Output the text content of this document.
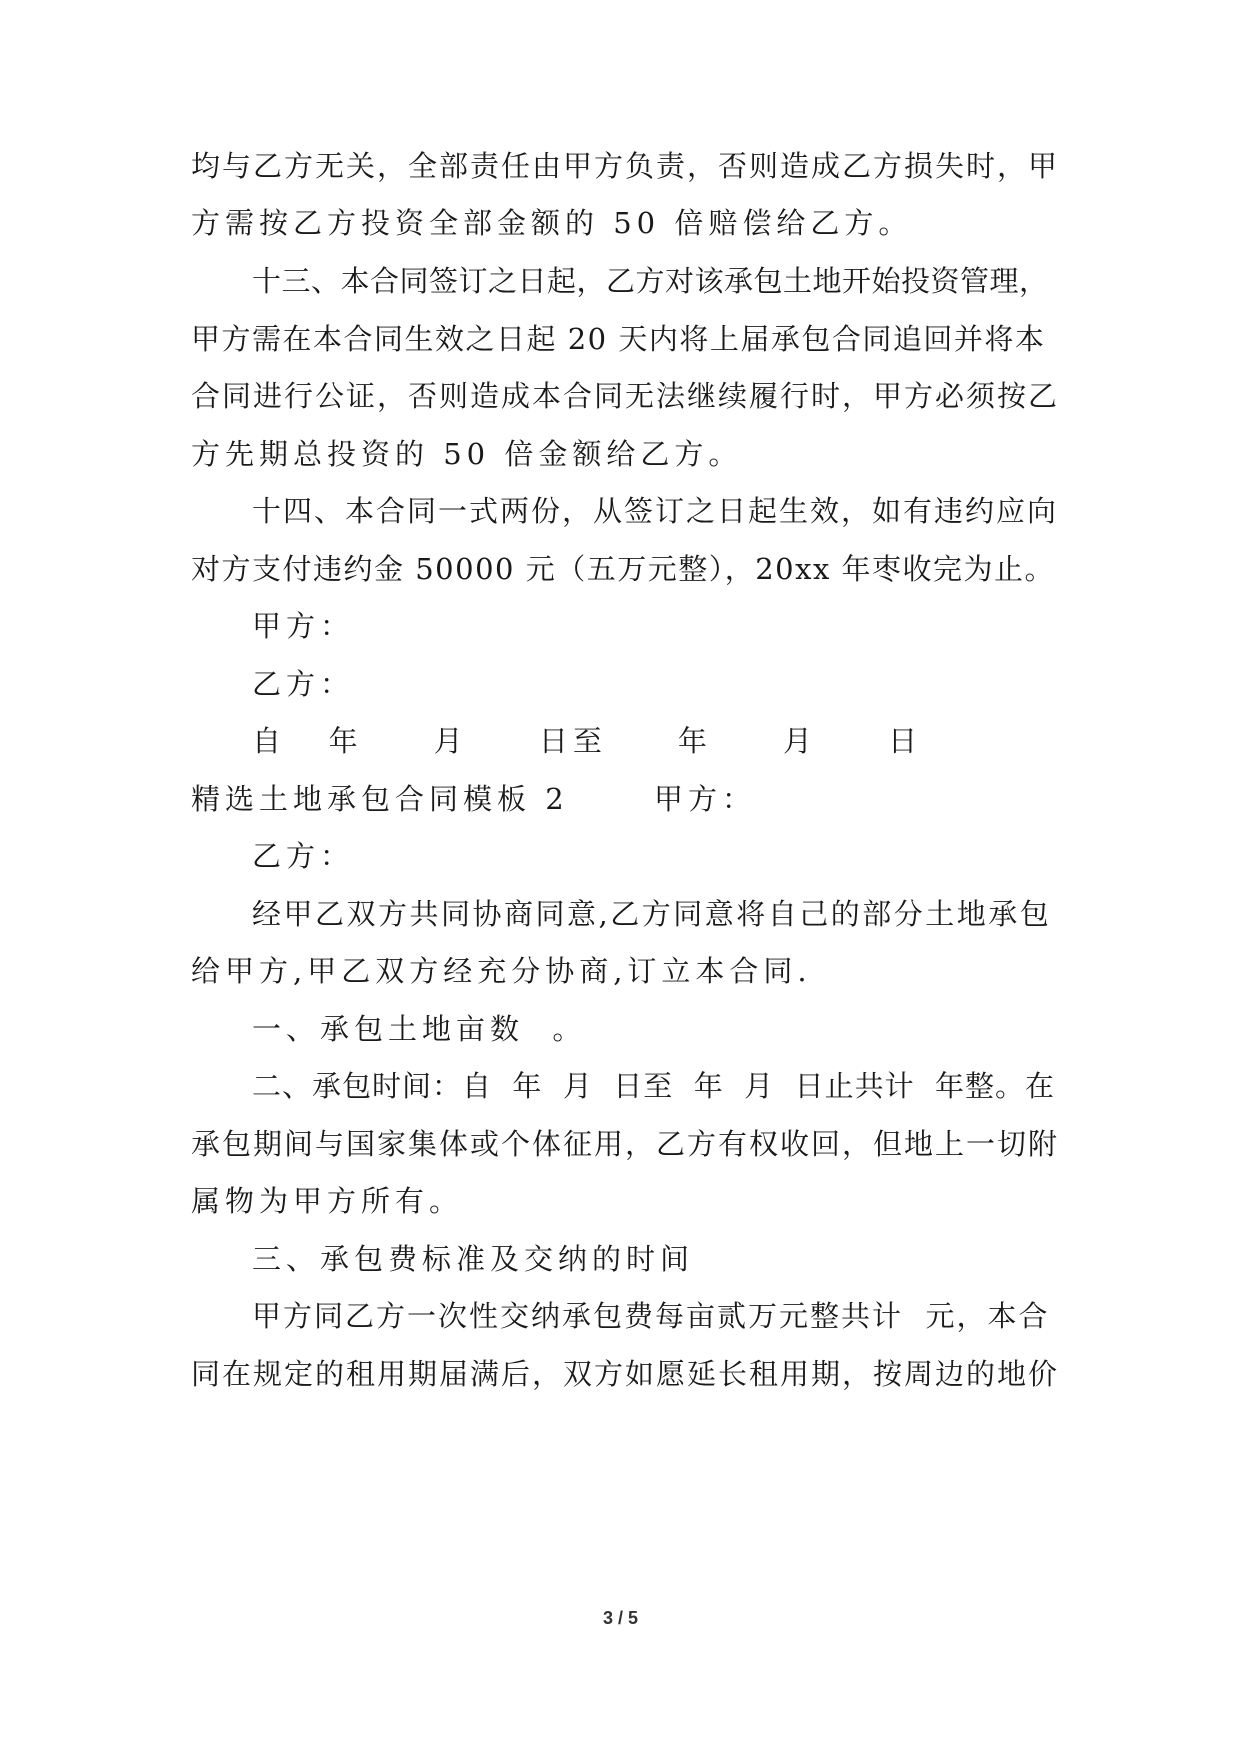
均与乙方无关，全部责任由甲方负责，否则造成乙方损失时，甲
方需按乙方投资全部金额的 50 倍赔偿给乙方。
十三、本合同签订之日起，乙方对该承包土地开始投资管理，
甲方需在本合同生效之日起 20 天内将上届承包合同追回并将本
合同进行公证，否则造成本合同无法继续履行时，甲方必须按乙
方先期总投资的 50 倍金额给乙方。
十四、本合同一式两份，从签订之日起生效，如有违约应向
对方支付违约金 50000 元（五万元整），20xx 年枣收完为止。
甲方：
乙方：
自   年     月     日至     年     月     日
精选土地承包合同模板 2      甲方：
乙方：
经甲乙双方共同协商同意,乙方同意将自己的部分土地承包
给甲方,甲乙双方经充分协商,订立本合同.
一、承包土地亩数  。
二、承包时间：自  年  月  日至  年  月  日止共计  年整。在
承包期间与国家集体或个体征用，乙方有权收回，但地上一切附
属物为甲方所有。
三、承包费标准及交纳的时间
甲方同乙方一次性交纳承包费每亩贰万元整共计  元，本合
同在规定的租用期届满后，双方如愿延长租用期，按周边的地价
3 / 5
